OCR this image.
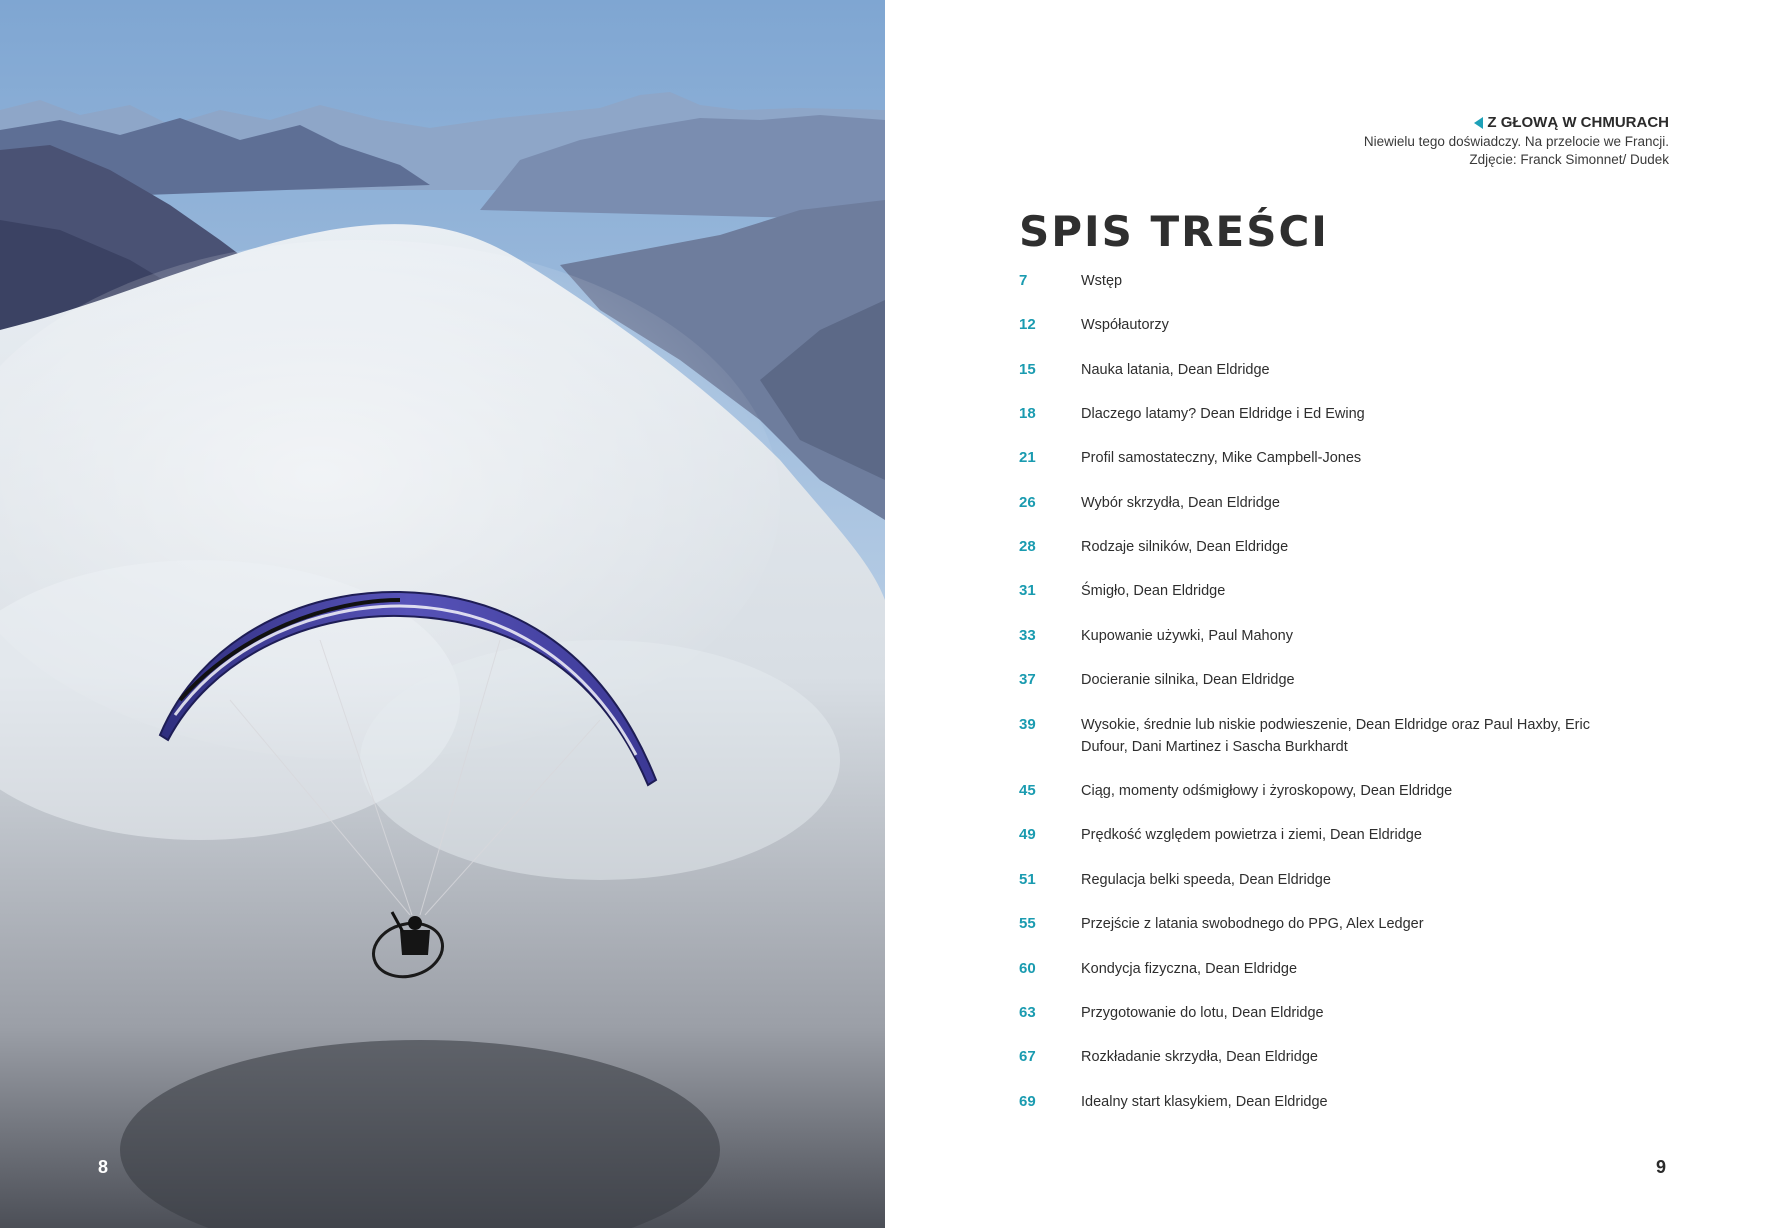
8
Z GŁOWĄ W CHMURACH
Niewielu tego doświadczy. Na przelocie we Francji.
Zdjęcie: Franck Simonnet/ Dudek
SPIS TREŚCI
7	Wstęp
12	Współautorzy
15	Nauka latania, Dean Eldridge
18	Dlaczego latamy? Dean Eldridge i Ed Ewing
21	Profil samostateczny, Mike Campbell-Jones
26	Wybór skrzydła, Dean Eldridge
28	Rodzaje silników, Dean Eldridge
31	Śmigło, Dean Eldridge
33	Kupowanie używki, Paul Mahony
37	Docieranie silnika, Dean Eldridge
39	Wysokie, średnie lub niskie podwieszenie, Dean Eldridge oraz Paul Haxby, Eric Dufour, Dani Martinez i Sascha Burkhardt
45	Ciąg, momenty odśmigłowy i żyroskopowy, Dean Eldridge
49	Prędkość względem powietrza i ziemi, Dean Eldridge
51	Regulacja belki speeda, Dean Eldridge
55	Przejście z latania swobodnego do PPG, Alex Ledger
60	Kondycja fizyczna, Dean Eldridge
63	Przygotowanie do lotu, Dean Eldridge
67	Rozkładanie skrzydła, Dean Eldridge
69	Idealny start klasykiem, Dean Eldridge
9
